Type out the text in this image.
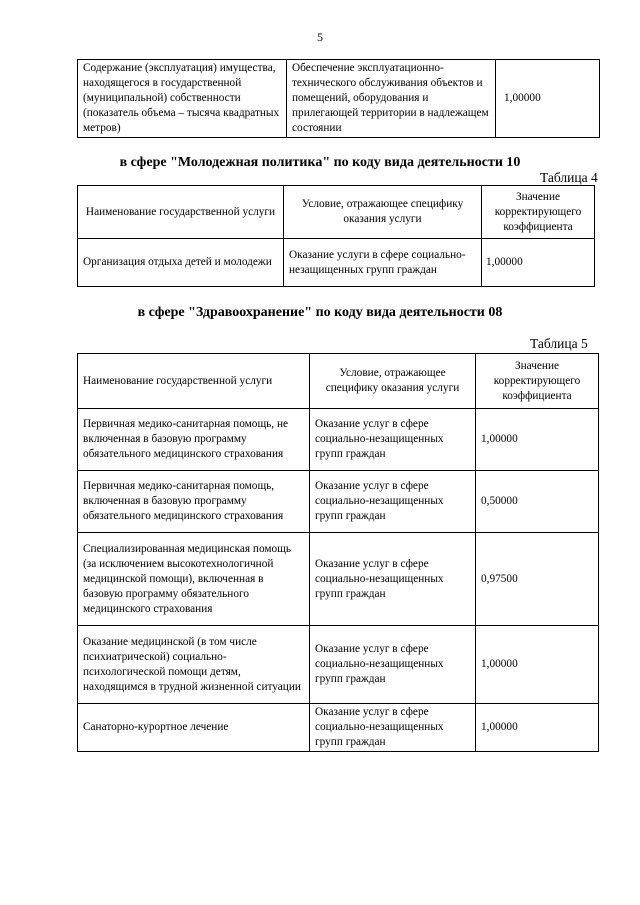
5
Содержание (эксплуатация) имущества, находящегося в государственной (муниципальной) собственности (показатель объема – тысяча квадратных метров)	Обеспечение эксплуатационно-технического обслуживания объектов и помещений, оборудования и прилегающей территории в надлежащем состоянии	1,00000
в сфере "Молодежная политика" по коду вида деятельности 10
Таблица 4
Наименование государственной услуги	Условие, отражающее специфику оказания услуги	Значение корректирующего коэффициента
Организация отдыха детей и молодежи	Оказание услуги в сфере социально-незащищенных групп граждан	1,00000
в сфере "Здравоохранение" по коду вида деятельности 08
Таблица 5
Наименование государственной услуги	Условие, отражающее специфику оказания услуги	Значение корректирующего коэффициента
Первичная медико-санитарная помощь, не включенная в базовую программу обязательного медицинского страхования	Оказание услуг в сфере социально-незащищенных групп граждан	1,00000
Первичная медико-санитарная помощь, включенная в базовую программу обязательного медицинского страхования	Оказание услуг в сфере социально-незащищенных групп граждан	0,50000
Специализированная медицинская помощь (за исключением высокотехнологичной медицинской помощи), включенная в базовую программу обязательного медицинского страхования	Оказание услуг в сфере социально-незащищенных групп граждан	0,97500
Оказание медицинской (в том числе психиатрической) социально-психологической помощи детям, находящимся в трудной жизненной ситуации	Оказание услуг в сфере социально-незащищенных групп граждан	1,00000
Санаторно-курортное лечение	Оказание услуг в сфере социально-незащищенных групп граждан	1,00000
